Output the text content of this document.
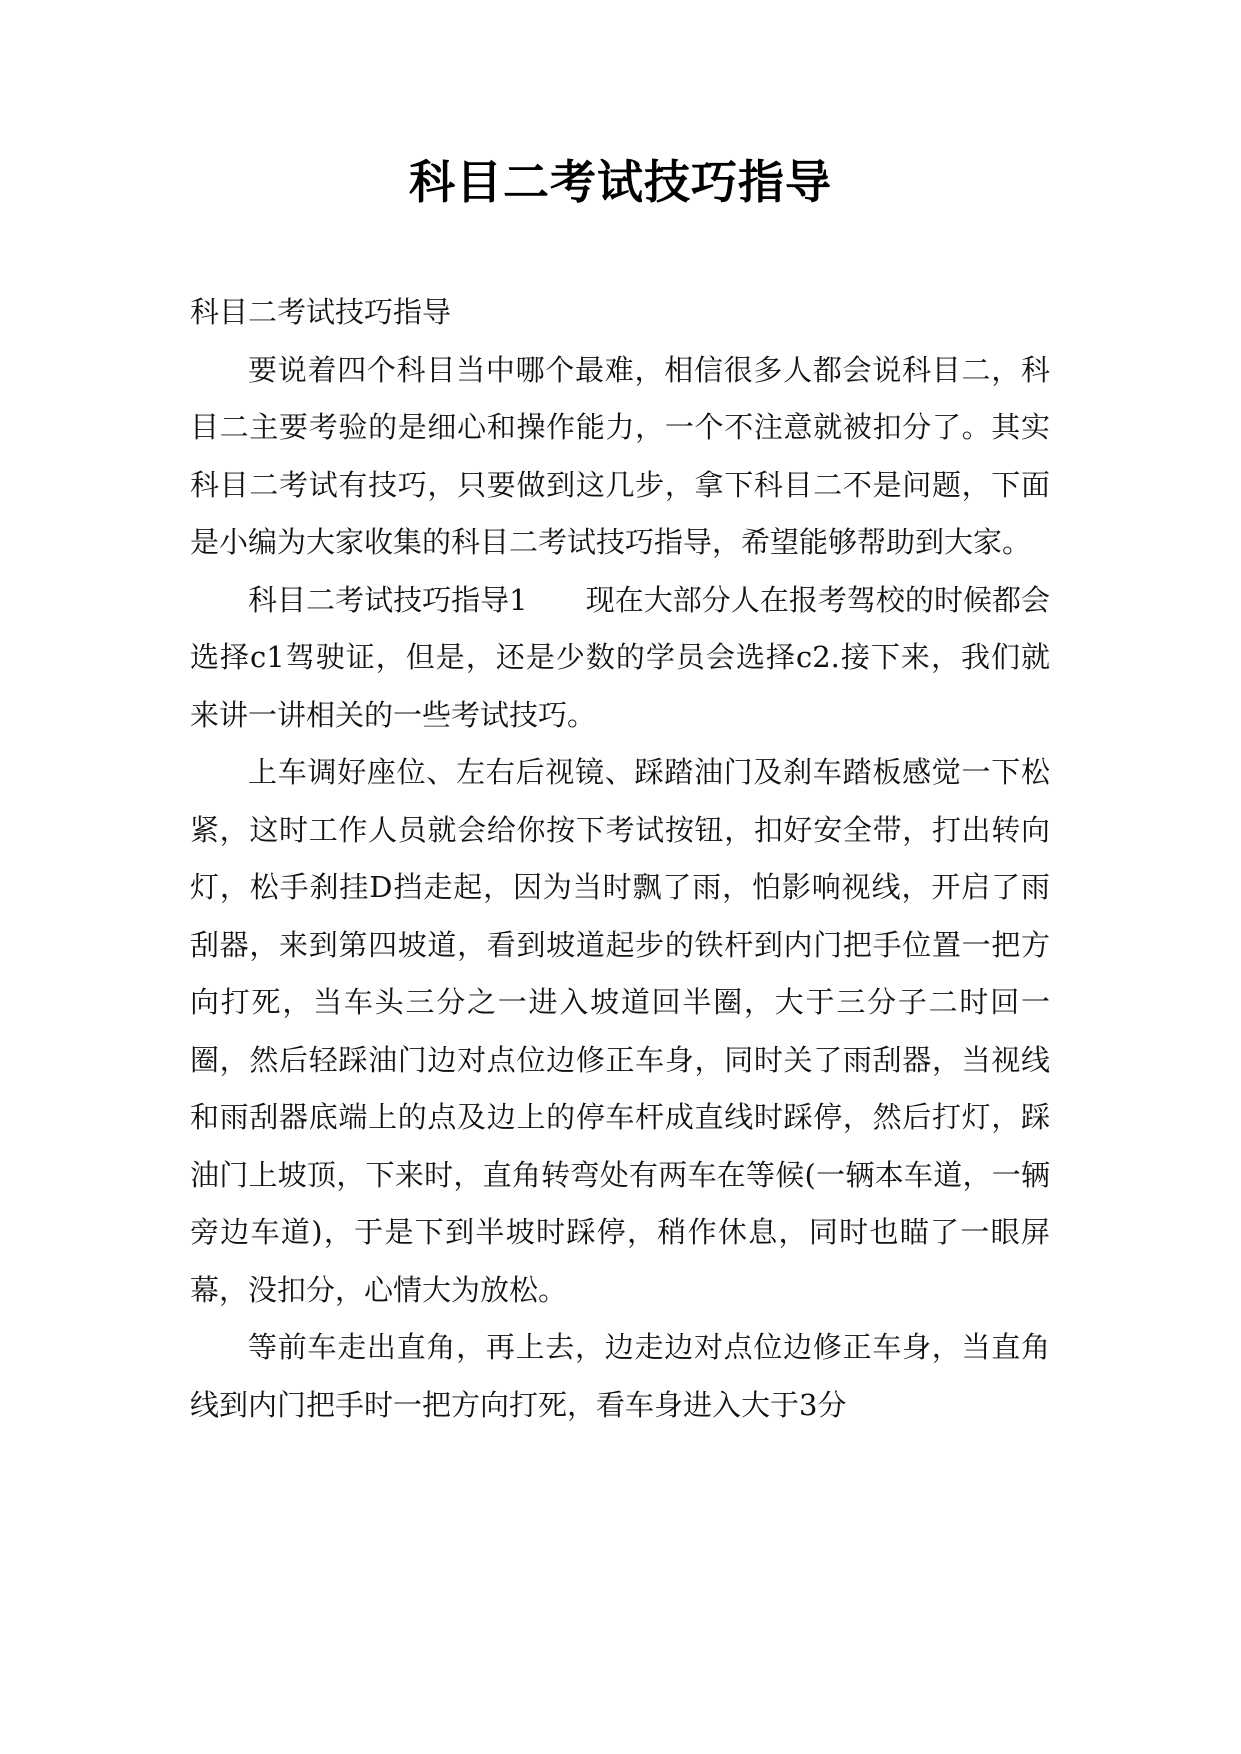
科目二考试技巧指导

科目二考试技巧指导

要说着四个科目当中哪个最难，相信很多人都会说科目二，科目二主要考验的是细心和操作能力，一个不注意就被扣分了。其实科目二考试有技巧，只要做到这几步，拿下科目二不是问题，下面是小编为大家收集的科目二考试技巧指导，希望能够帮助到大家。

科目二考试技巧指导1　　现在大部分人在报考驾校的时候都会选择c1驾驶证，但是，还是少数的学员会选择c2.接下来，我们就来讲一讲相关的一些考试技巧。

上车调好座位、左右后视镜、踩踏油门及刹车踏板感觉一下松紧，这时工作人员就会给你按下考试按钮，扣好安全带，打出转向灯，松手刹挂D挡走起，因为当时飘了雨，怕影响视线，开启了雨刮器，来到第四坡道，看到坡道起步的铁杆到内门把手位置一把方向打死，当车头三分之一进入坡道回半圈，大于三分子二时回一圈，然后轻踩油门边对点位边修正车身，同时关了雨刮器，当视线和雨刮器底端上的点及边上的停车杆成直线时踩停，然后打灯，踩油门上坡顶，下来时，直角转弯处有两车在等候(一辆本车道，一辆旁边车道)，于是下到半坡时踩停，稍作休息，同时也瞄了一眼屏幕，没扣分，心情大为放松。

等前车走出直角，再上去，边走边对点位边修正车身，当直角线到内门把手时一把方向打死，看车身进入大于3分
